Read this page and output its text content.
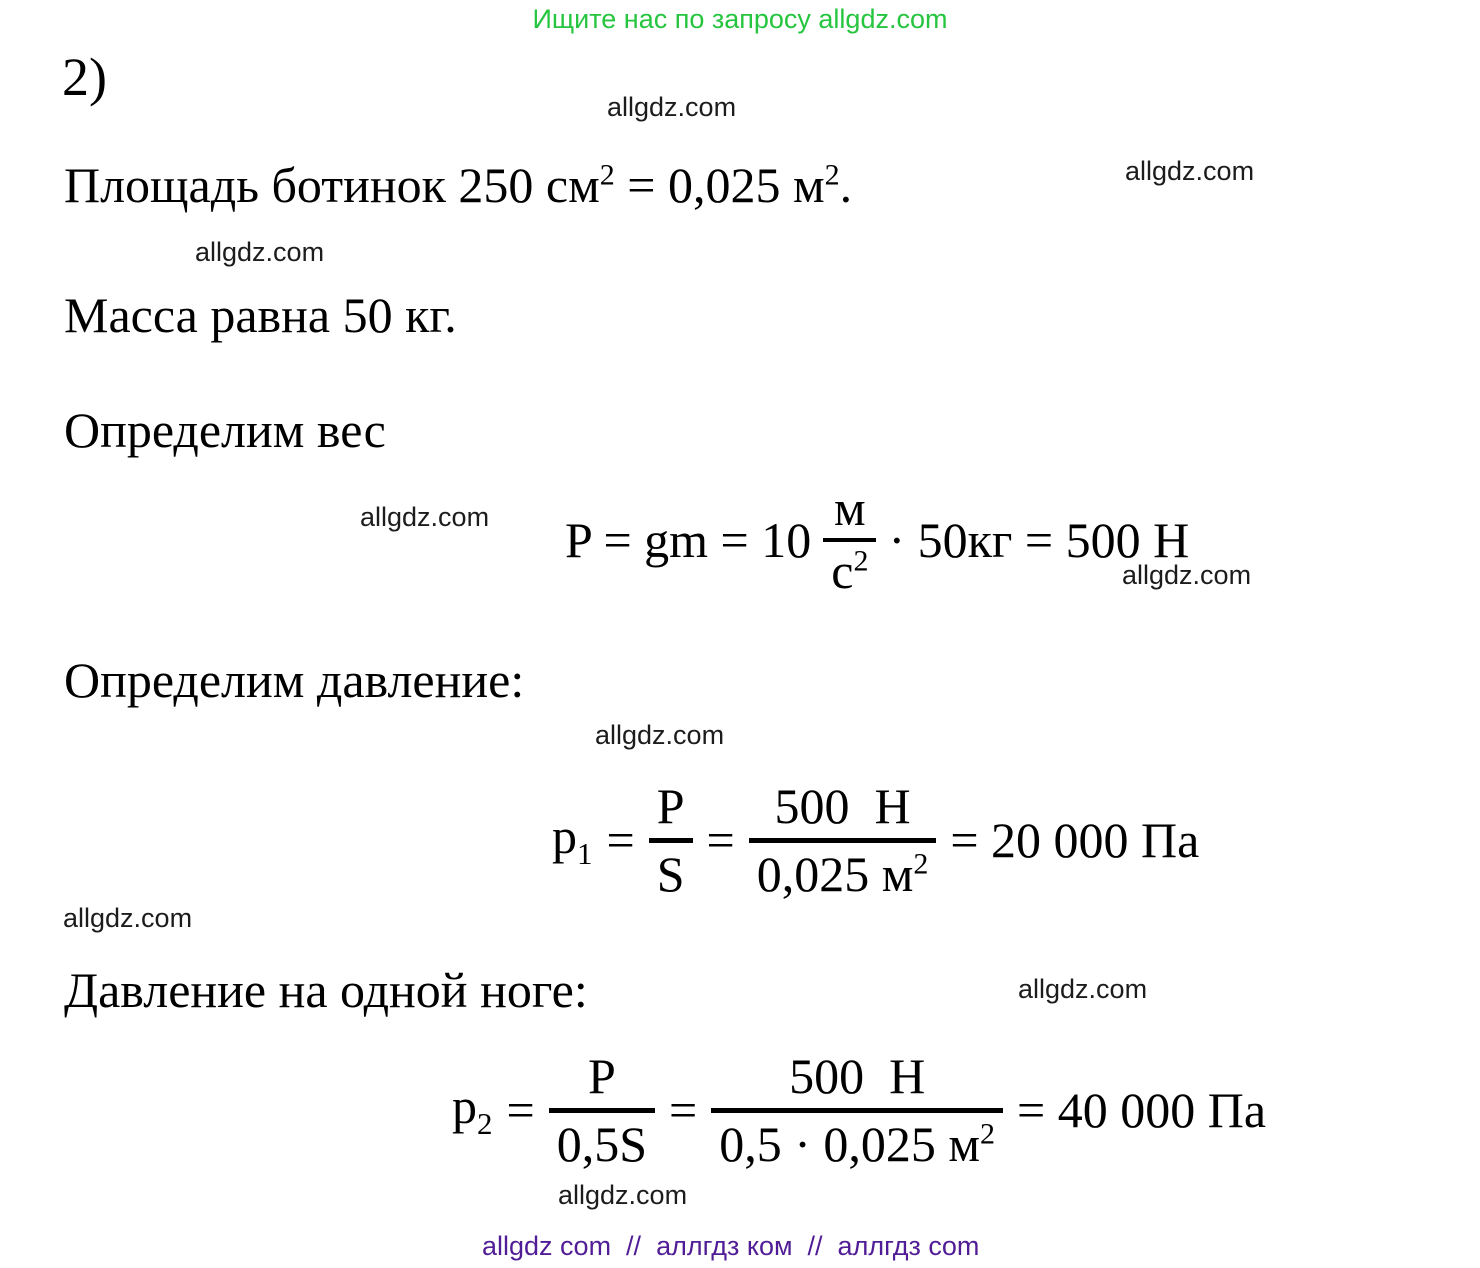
Ищите нас по запросу allgdz.com
allgdz.com
allgdz.com
allgdz.com
allgdz.com
allgdz.com
allgdz.com
allgdz.com
allgdz.com
allgdz.com
2)
Площадь ботинок 250 $см^2 = 0,025$ $м^2$.
Масса равна 50 кг.
Определим вес
P = gm = $10 \frac{м}{с^2} \cdot 50кг = 500$ Н
Определим давление:
$p_1$ =
P
S
=
500  Н
0,025 $м^2 = 20$ 000 Па
Давление на одной ноге:
$p_2$ =
P
0,5S
=
500  Н
0,5 · 0,025 $м^2 = 40$ 000 Па
allgdz com  //  аллгдз ком  //  аллгдз com
